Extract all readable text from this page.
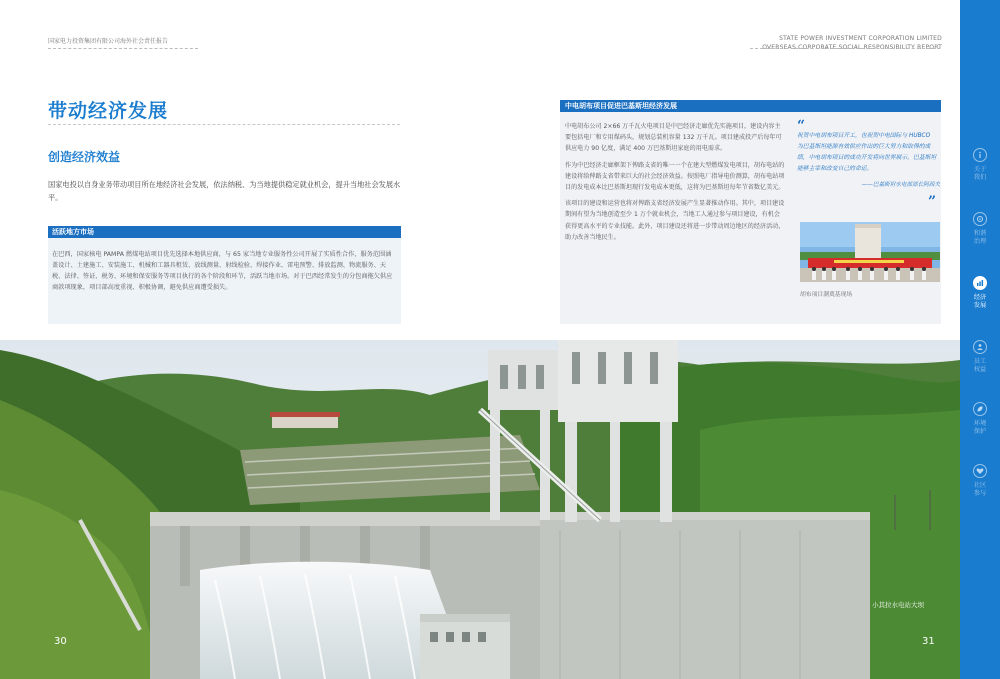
国家电力投资集团有限公司海外社会责任报告	STATE POWER INVESTMENT CORPORATION LIMITED
OVERSEAS CORPORATE SOCIAL RESPONSIBILITY REPORT
带动经济发展
创造经济效益
国家电投以自身业务带动项目所在地经济社会发展，依法纳税、为当地提供稳定就业机会，提升当地社会发展水平。
活跃地方市场
在巴西，国家核电 PAMPA 燃煤电站项目优先选择本地供应商，与 65 家当地专业服务性公司开展了实质性合作，服务范围涵盖设计、土建施工、安装施工、机械和工器具租赁、放线测量、射线检验、焊接作业、雷电预警、排放监测、物流服务、天税、法律、签证、税务、环境和保安服务等项目执行的各个阶段和环节，活跃当地市场。对于巴西经常发生的分包商拖欠供应商款项现象，项目部高度重视、积极协调，避免供应商遭受损失。
中电胡布项目促进巴基斯坦经济发展

中电胡布公司 2×66 万千瓦火电项目是中巴经济走廊优先实施项目，建设内容主要包括电厂和专用煤码头，规划总装机容量 132 万千瓦。项目建成投产后每年可供应电力 90 亿度，满足 400 万巴基斯坦家庭的用电需求。

作为中巴经济走廊框架下俾路支省的唯一一个在建大型燃煤发电项目，胡布电站的建设将给俾路支省带来巨大的社会经济效益。按照电厂指导电价测算，胡布电站项目的发电成本比巴基斯坦现行发电成本更低，这将为巴基斯坦每年节省数亿美元。

该项目的建设和运营也将对俾路支省经济发展产生显著推动作用。其中，项目建设期间有望为当地创造至少 1 万个就业机会，当地工人通过参与项目建设，有机会获得更高水平的专业技能。此外，项目建设还将进一步带动周边地区的经济活动，助力改善当地民生。

“
祝贺中电胡布项目开工，也祝贺中电国际与 HUBCO 为巴基斯坦能源有效供应作出的巨大努力和取得的成绩，中电胡布项目的成功开发将向世界展示，巴基斯坦能够主宰和改变自己的命运。
——巴基斯坦水电部部长阿西夫
”
胡布项目潮奠基现场
小其拉水电站大坝
30	31
关于
我们
和谐
治理
经济
发展
员工
权益
环境
保护
社区
参与
